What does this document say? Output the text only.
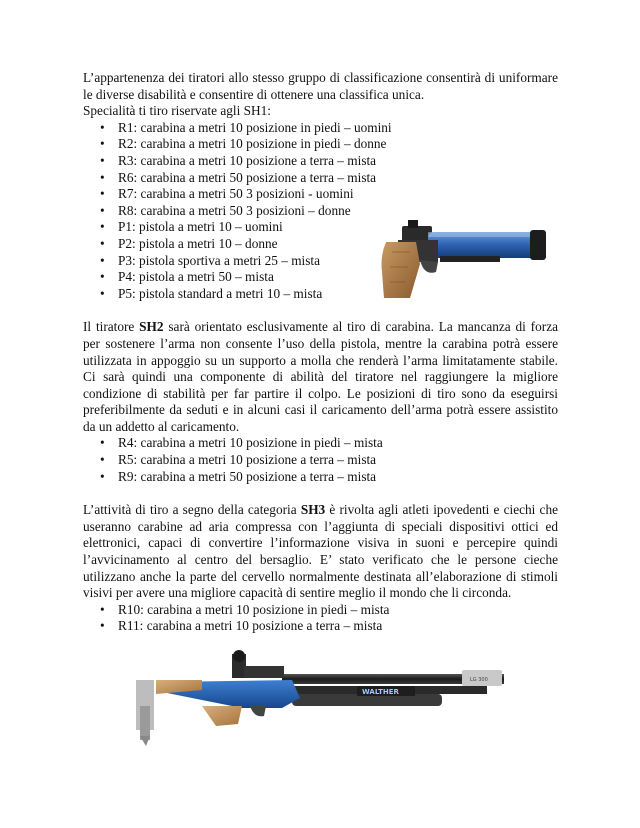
L’appartenenza dei tiratori allo stesso gruppo di classificazione consentirà di uniformare le diverse disabilità e consentire di ottenere una classifica unica.

Specialità ti tiro riservate agli SH1:

• R1: carabina a metri 10 posizione in piedi – uomini
• R2: carabina a metri 10 posizione in piedi – donne
• R3: carabina a metri 10 posizione a terra – mista
• R6: carabina a metri 50 posizione a terra – mista
• R7: carabina a metri 50 3 posizioni - uomini
• R8: carabina a metri 50 3 posizioni – donne
• P1: pistola a metri 10 – uomini
• P2: pistola a metri 10 – donne
• P3: pistola sportiva a metri 25 – mista
• P4: pistola a metri 50 – mista
• P5: pistola standard a metri 10 – mista

Il tiratore SH2 sarà orientato esclusivamente al tiro di carabina. La mancanza di forza per sostenere l’arma non consente l’uso della pistola, mentre la carabina potrà essere utilizzata in appoggio su un supporto a molla che renderà l’arma limitatamente stabile. Ci sarà quindi una componente di abilità del tiratore nel raggiungere la migliore condizione di stabilità per far partire il colpo. Le posizioni di tiro sono da eseguirsi preferibilmente da seduti e in alcuni casi il caricamento dell’arma potrà essere assistito da un addetto al caricamento.

• R4: carabina a metri 10 posizione in piedi – mista
• R5: carabina a metri 10 posizione a terra – mista
• R9: carabina a metri 50 posizione a terra – mista

L’attività di tiro a segno della categoria SH3 è rivolta agli atleti ipovedenti e ciechi che useranno carabine ad aria compressa con l’aggiunta di speciali dispositivi ottici ed elettronici, capaci di convertire l’informazione visiva in suoni e percepire quindi l’avvicinamento al centro del bersaglio. E’ stato verificato che le persone cieche utilizzano anche la parte del cervello normalmente destinata all’elaborazione di stimoli visivi per avere una migliore capacità di sentire meglio il mondo che li circonda.

• R10: carabina a metri 10 posizione in piedi – mista
• R11: carabina a metri 10 posizione a terra – mista
LG 300
WALTHER
